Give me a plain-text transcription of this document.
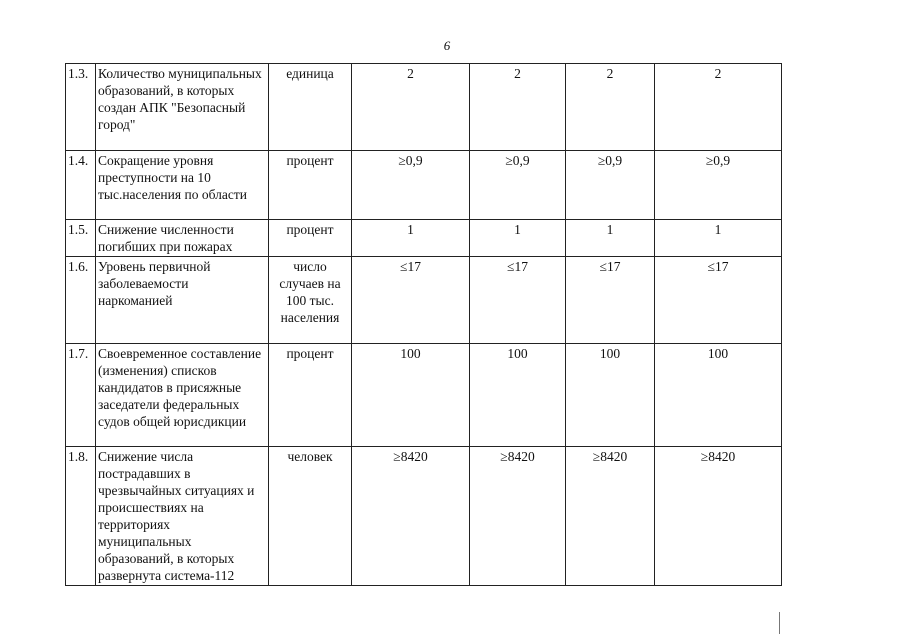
6
1.3.	Количество муниципальных образований, в которых создан АПК "Безопасный город"	единица	2	2	2	2
1.4.	Сокращение уровня преступности на 10 тыс.населения по области	процент	≥0,9	≥0,9	≥0,9	≥0,9
1.5.	Снижение численности погибших при пожарах	процент	1	1	1	1
1.6.	Уровень первичной заболеваемости наркоманией	число случаев на 100 тыс. населения	≤17	≤17	≤17	≤17
1.7.	Своевременное составление (изменения) списков кандидатов в присяжные заседатели федеральных судов общей юрисдикции	процент	100	100	100	100
1.8.	Снижение числа пострадавших в чрезвычайных ситуациях и происшествиях на территориях муниципальных образований, в которых развернута система-112	человек	≥8420	≥8420	≥8420	≥8420
